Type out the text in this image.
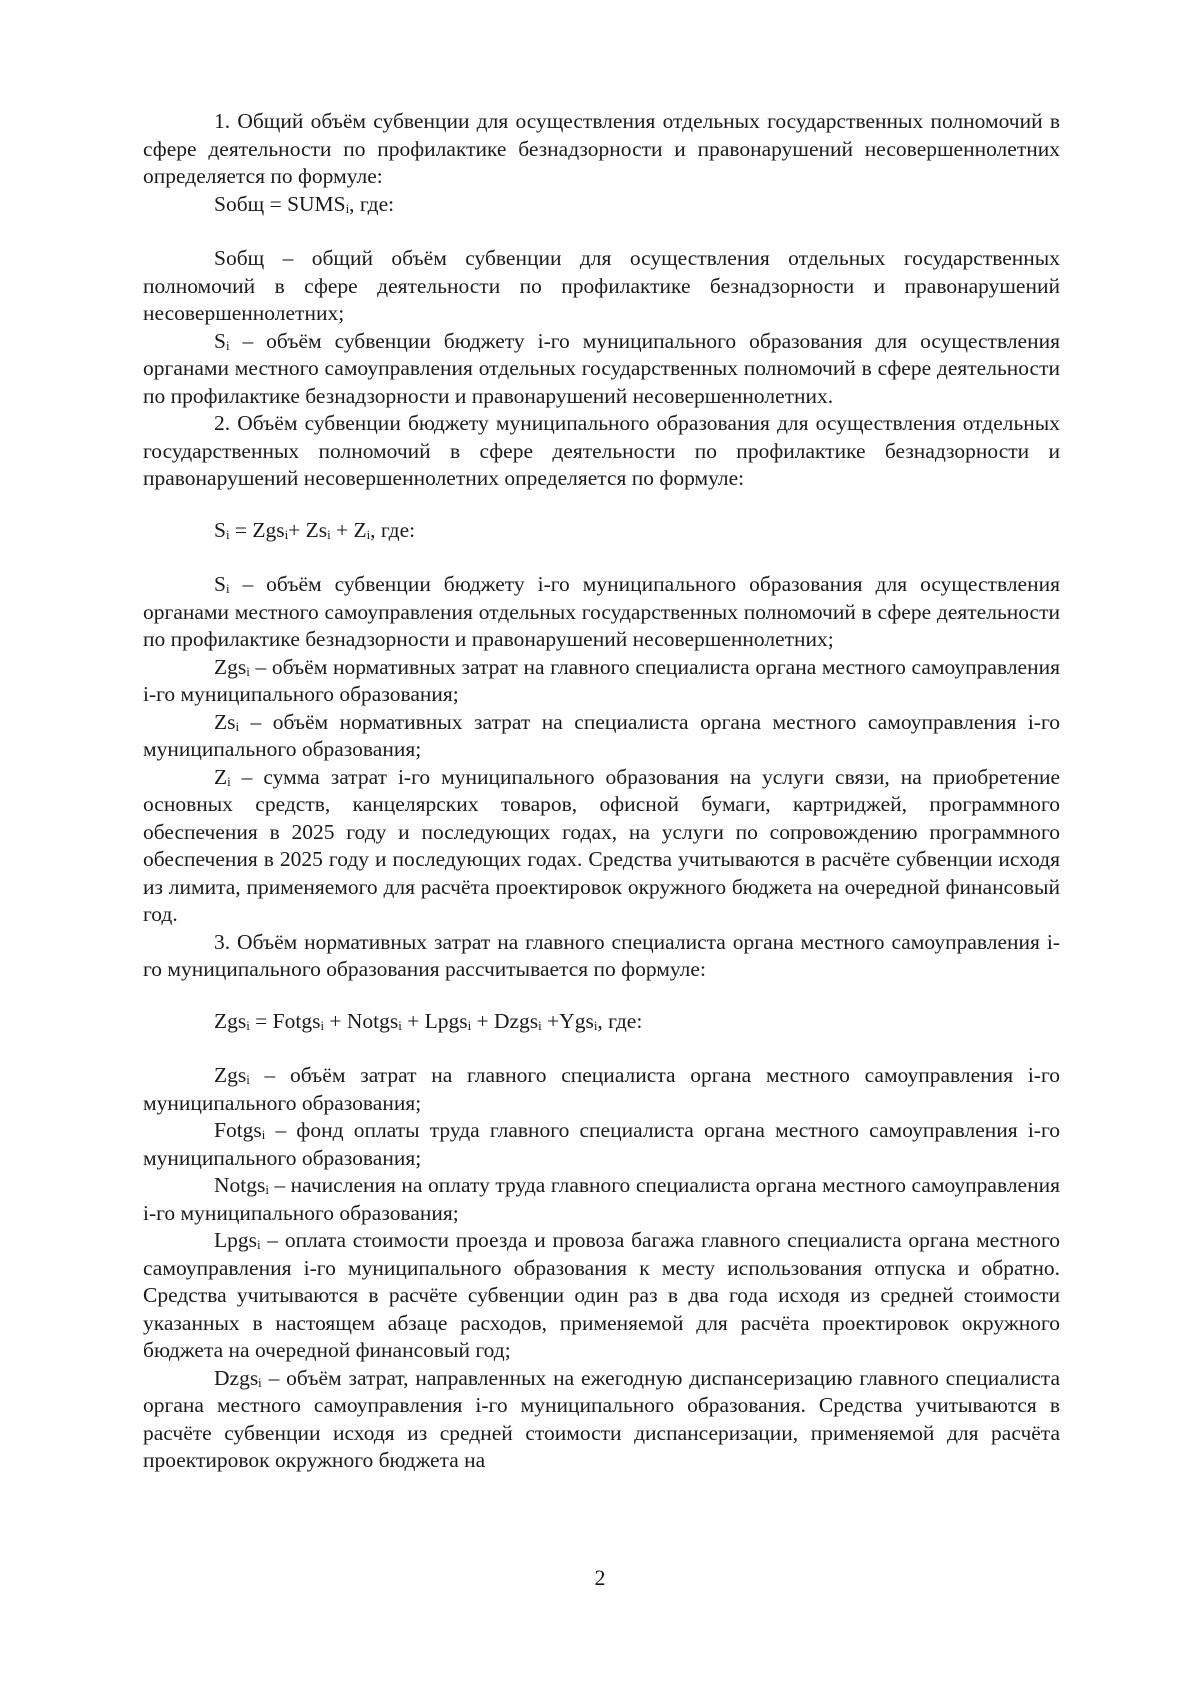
1. Общий объём субвенции для осуществления отдельных государственных полномочий в сфере деятельности по профилактике безнадзорности и правонарушений несовершеннолетних определяется по формуле:

Sобщ = SUMSᵢ, где:

Sобщ – общий объём субвенции для осуществления отдельных государственных полномочий в сфере деятельности по профилактике безнадзорности и правонарушений несовершеннолетних;

Sᵢ – объём субвенции бюджету i-го муниципального образования для осуществления органами местного самоуправления отдельных государственных полномочий в сфере деятельности по профилактике безнадзорности и правонарушений несовершеннолетних.

2. Объём субвенции бюджету муниципального образования для осуществления отдельных государственных полномочий в сфере деятельности по профилактике безнадзорности и правонарушений несовершеннолетних определяется по формуле:

Sᵢ = Zgsᵢ+ Zsᵢ + Zᵢ, где:

Sᵢ – объём субвенции бюджету i-го муниципального образования для осуществления органами местного самоуправления отдельных государственных полномочий в сфере деятельности по профилактике безнадзорности и правонарушений несовершеннолетних;

Zgsᵢ – объём нормативных затрат на главного специалиста органа местного самоуправления i-го муниципального образования;

Zsᵢ – объём нормативных затрат на специалиста органа местного самоуправления i-го муниципального образования;

Zᵢ – сумма затрат i-го муниципального образования на услуги связи, на приобретение основных средств, канцелярских товаров, офисной бумаги, картриджей, программного обеспечения в 2025 году и последующих годах, на услуги по сопровождению программного обеспечения в 2025 году и последующих годах. Средства учитываются в расчёте субвенции исходя из лимита, применяемого для расчёта проектировок окружного бюджета на очередной финансовый год.

3. Объём нормативных затрат на главного специалиста органа местного самоуправления i-го муниципального образования рассчитывается по формуле:

Zgsᵢ = Fotgsᵢ + Notgsᵢ + Lpgsᵢ + Dzgsᵢ +Ygsᵢ, где:

Zgsᵢ – объём затрат на главного специалиста органа местного самоуправления i-го муниципального образования;

Fotgsᵢ – фонд оплаты труда главного специалиста органа местного самоуправления i-го муниципального образования;

Notgsᵢ – начисления на оплату труда главного специалиста органа местного самоуправления i-го муниципального образования;

Lpgsᵢ – оплата стоимости проезда и провоза багажа главного специалиста органа местного самоуправления i-го муниципального образования к месту использования отпуска и обратно. Средства учитываются в расчёте субвенции один раз в два года исходя из средней стоимости указанных в настоящем абзаце расходов, применяемой для расчёта проектировок окружного бюджета на очередной финансовый год;

Dzgsᵢ – объём затрат, направленных на ежегодную диспансеризацию главного специалиста органа местного самоуправления i-го муниципального образования. Средства учитываются в расчёте субвенции исходя из средней стоимости диспансеризации, применяемой для расчёта проектировок окружного бюджета на

2
